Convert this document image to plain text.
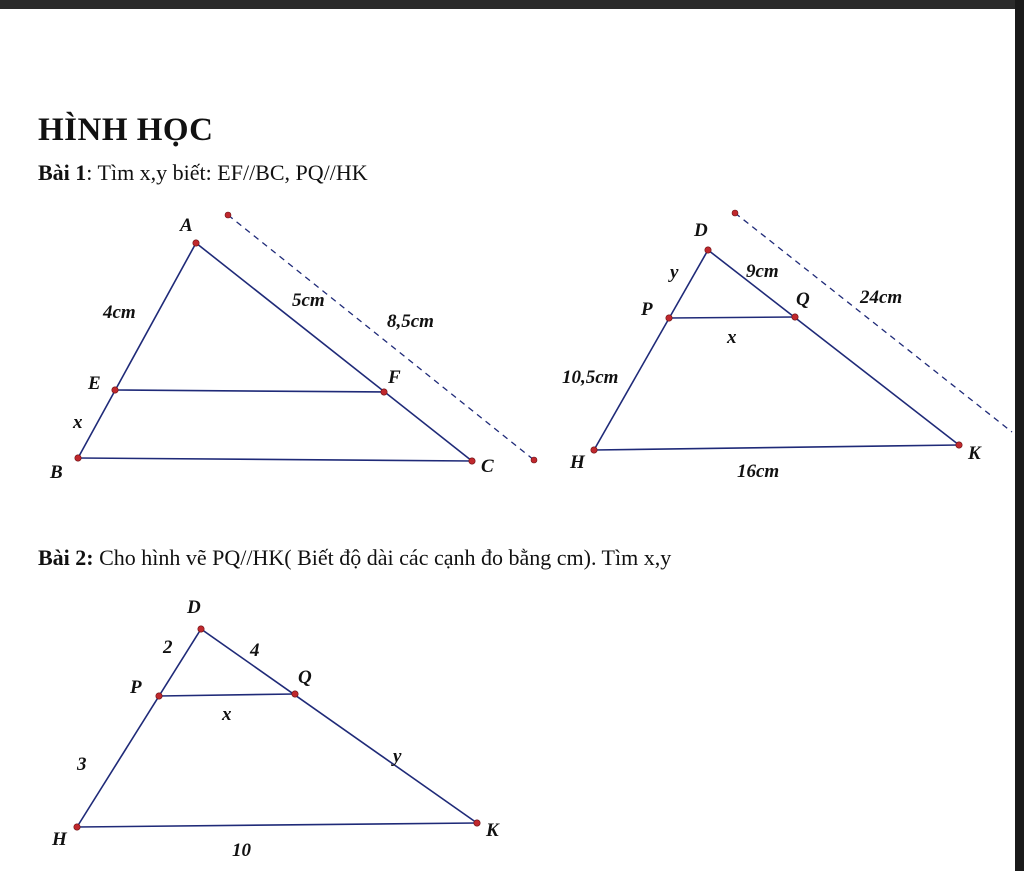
HÌNH HỌC
Bài 1: Tìm x,y biết: EF//BC, PQ//HK
Bài 2: Cho hình vẽ PQ//HK( Biết độ dài các cạnh đo bằng cm). Tìm x,y
A
E	F
B	C
4cm
5cm
8,5cm
x
D
P	Q
H	K
y	9cm
24cm
x
10,5cm
16cm
D
P	Q
H	K
2	4
x
y
3
10
